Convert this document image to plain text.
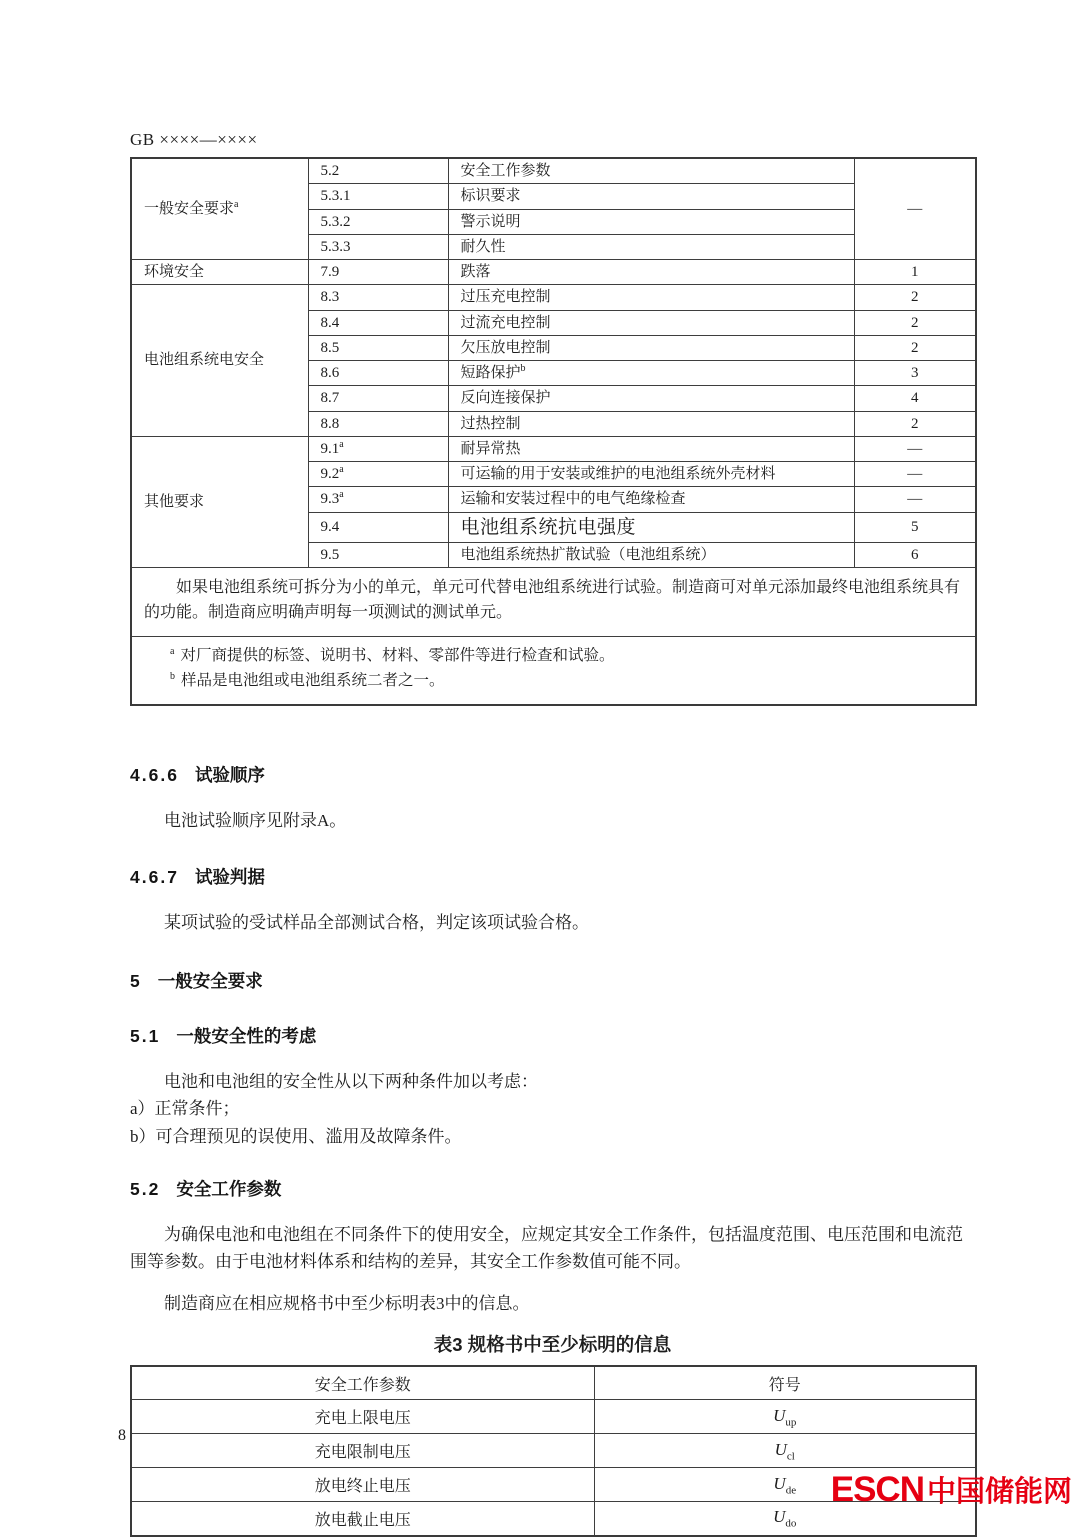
GB ××××—××××
一般安全要求$^a$	5.2	安全工作参数	—
	5.3.1	标识要求	
	5.3.2	警示说明	
	5.3.3	耐久性	
环境安全	7.9	跌落	1
电池组系统电安全	8.3	过压充电控制	2
	8.4	过流充电控制	2
	8.5	欠压放电控制	2
	8.6	短路保护$^b$	3
	8.7	反向连接保护	4
	8.8	过热控制	2
其他要求	9.1$^a$	耐异常热	—
	9.2$^a$	可运输的用于安装或维护的电池组系统外壳材料	—
	9.3$^a$	运输和安装过程中的电气绝缘检查	—
	9.4	电池组系统抗电强度	5
	9.5	电池组系统热扩散试验（电池组系统）	6

如果电池组系统可拆分为小的单元，单元可代替电池组系统进行试验。制造商可对单元添加最终电池组系统具有的功能。制造商应明确声明每一项测试的测试单元。			

$^a$ 对厂商提供的标签、说明书、材料、零部件等进行检查和试验。
$^b$ 样品是电池组或电池组系统二者之一。			
4.6.6 试验顺序

电池试验顺序见附录A。

4.6.7 试验判据

某项试验的受试样品全部测试合格，判定该项试验合格。

5 一般安全要求
5.1 一般安全性的考虑

电池和电池组的安全性从以下两种条件加以考虑：

a）正常条件；

b）可合理预见的误使用、滥用及故障条件。

5.2 安全工作参数

为确保电池和电池组在不同条件下的使用安全，应规定其安全工作条件，包括温度范围、电压范围和电流范围等参数。由于电池材料体系和结构的差异，其安全工作参数值可能不同。

制造商应在相应规格书中至少标明表3中的信息。

表3 规格书中至少标明的信息
安全工作参数	符号
充电上限电压	$U_{up}$
充电限制电压	$U_{cl}$
放电终止电压	$U_{de}$
放电截止电压	$U_{do}$
8
ESCN 中国储能网
